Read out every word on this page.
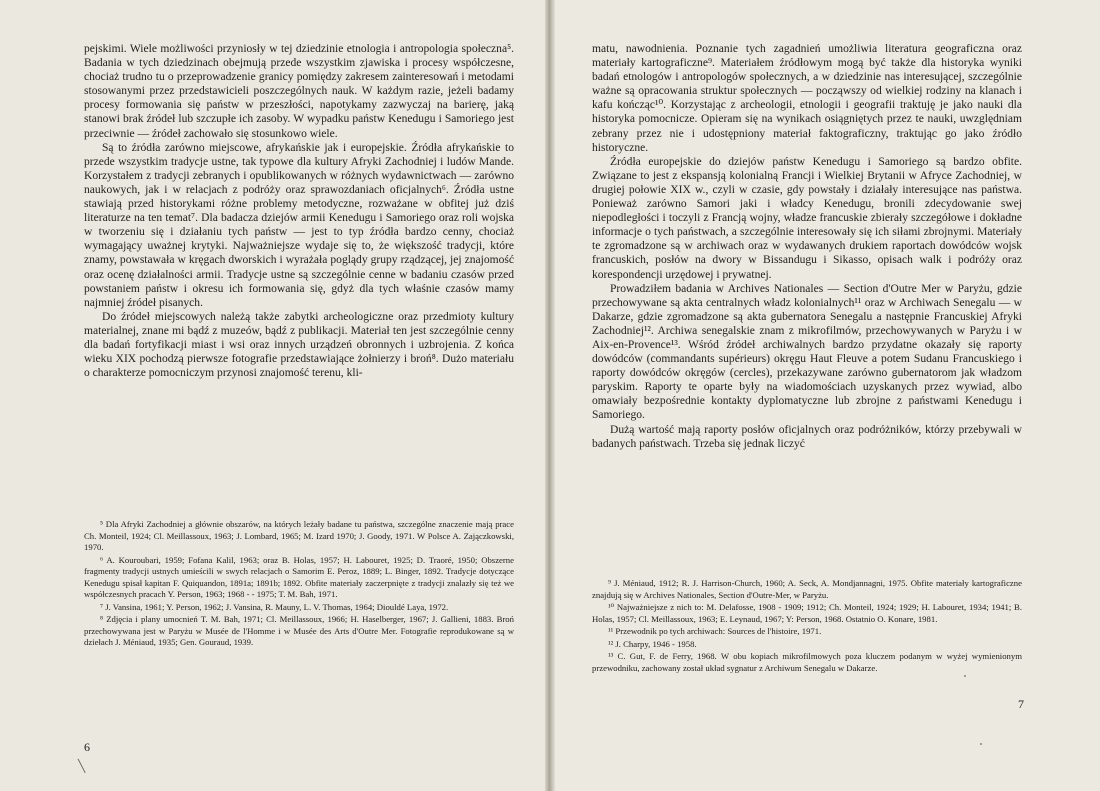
pejskimi. Wiele możliwości przyniosły w tej dziedzinie etnologia i antropologia społeczna⁵. Badania w tych dziedzinach obejmują przede wszystkim zjawiska i procesy współczesne, chociaż trudno tu o przeprowadzenie granicy pomiędzy zakresem zainteresowań i metodami stosowanymi przez przedstawicieli poszczególnych nauk. W każdym razie, jeżeli badamy procesy formowania się państw w przeszłości, napotykamy zazwyczaj na barierę, jaką stanowi brak źródeł lub szczupłe ich zasoby. W wypadku państw Kenedugu i Samoriego jest przeciwnie — źródeł zachowało się stosunkowo wiele.

Są to źródła zarówno miejscowe, afrykańskie jak i europejskie. Źródła afrykańskie to przede wszystkim tradycje ustne, tak typowe dla kultury Afryki Zachodniej i ludów Mande. Korzystałem z tradycji zebranych i opublikowanych w różnych wydawnictwach — zarówno naukowych, jak i w relacjach z podróży oraz sprawozdaniach oficjalnych⁶. Źródła ustne stawiają przed historykami różne problemy metodyczne, rozważane w obfitej już dziś literaturze na ten temat⁷. Dla badacza dziejów armii Kenedugu i Samoriego oraz roli wojska w tworzeniu się i działaniu tych państw — jest to typ źródła bardzo cenny, chociaż wymagający uważnej krytyki. Najważniejsze wydaje się to, że większość tradycji, które znamy, powstawała w kręgach dworskich i wyrażała poglądy grupy rządzącej, jej znajomość oraz ocenę działalności armii. Tradycje ustne są szczególnie cenne w badaniu czasów przed powstaniem państw i okresu ich formowania się, gdyż dla tych właśnie czasów mamy najmniej źródeł pisanych.

Do źródeł miejscowych należą także zabytki archeologiczne oraz przedmioty kultury materialnej, znane mi bądź z muzeów, bądź z publikacji. Materiał ten jest szczególnie cenny dla badań fortyfikacji miast i wsi oraz innych urządzeń obronnych i uzbrojenia. Z końca wieku XIX pochodzą pierwsze fotografie przedstawiające żołnierzy i broń⁸. Dużo materiału o charakterze pomocniczym przynosi znajomość terenu, kli-

⁵ Dla Afryki Zachodniej a głównie obszarów, na których leżały badane tu państwa, szczególne znaczenie mają prace Ch. Monteil, 1924; Cl. Meillassoux, 1963; J. Lombard, 1965; M. Izard 1970; J. Goody, 1971. W Polsce A. Zajączkowski, 1970.

⁶ A. Kouroubari, 1959; Fofana Kalil, 1963; oraz B. Holas, 1957; H. Labouret, 1925; D. Traoré, 1950; Obszerne fragmenty tradycji ustnych umieścili w swych relacjach o Samorim E. Peroz, 1889; L. Binger, 1892. Tradycje dotyczące Kenedugu spisał kapitan F. Quiquandon, 1891a; 1891b; 1892. Obfite materiały zaczerpnięte z tradycji znalazły się też we współczesnych pracach Y. Person, 1963; 1968 - - 1975; T. M. Bah, 1971.

⁷ J. Vansina, 1961; Y. Person, 1962; J. Vansina, R. Mauny, L. V. Thomas, 1964; Diouldé Laya, 1972.

⁸ Zdjęcia i plany umocnień T. M. Bah, 1971; Cl. Meillassoux, 1966; H. Haselberger, 1967; J. Gallieni, 1883. Broń przechowywana jest w Paryżu w Musée de l'Homme i w Musée des Arts d'Outre Mer. Fotografie reprodukowane są w dziełach J. Méniaud, 1935; Gen. Gouraud, 1939.

6
╲

matu, nawodnienia. Poznanie tych zagadnień umożliwia literatura geograficzna oraz materiały kartograficzne⁹. Materiałem źródłowym mogą być także dla historyka wyniki badań etnologów i antropologów społecznych, a w dziedzinie nas interesującej, szczególnie ważne są opracowania struktur społecznych — począwszy od wielkiej rodziny na klanach i kafu kończąc¹⁰. Korzystając z archeologii, etnologii i geografii traktuję je jako nauki dla historyka pomocnicze. Opieram się na wynikach osiągniętych przez te nauki, uwzględniam zebrany przez nie i udostępniony materiał faktograficzny, traktując go jako źródło historyczne.

Źródła europejskie do dziejów państw Kenedugu i Samoriego są bardzo obfite. Związane to jest z ekspansją kolonialną Francji i Wielkiej Brytanii w Afryce Zachodniej, w drugiej połowie XIX w., czyli w czasie, gdy powstały i działały interesujące nas państwa. Ponieważ zarówno Samori jaki i władcy Kenedugu, bronili zdecydowanie swej niepodległości i toczyli z Francją wojny, władze francuskie zbierały szczegółowe i dokładne informacje o tych państwach, a szczególnie interesowały się ich siłami zbrojnymi. Materiały te zgromadzone są w archiwach oraz w wydawanych drukiem raportach dowódców wojsk francuskich, posłów na dwory w Bissandugu i Sikasso, opisach walk i podróży oraz korespondencji urzędowej i prywatnej.

Prowadziłem badania w Archives Nationales — Section d'Outre Mer w Paryżu, gdzie przechowywane są akta centralnych władz kolonialnych¹¹ oraz w Archiwach Senegalu — w Dakarze, gdzie zgromadzone są akta gubernatora Senegalu a następnie Francuskiej Afryki Zachodniej¹². Archiwa senegalskie znam z mikrofilmów, przechowywanych w Paryżu i w Aix-en-Provence¹³. Wśród źródeł archiwalnych bardzo przydatne okazały się raporty dowódców (commandants supérieurs) okręgu Haut Fleuve a potem Sudanu Francuskiego i raporty dowódców okręgów (cercles), przekazywane zarówno gubernatorom jak władzom paryskim. Raporty te oparte były na wiadomościach uzyskanych przez wywiad, albo omawiały bezpośrednie kontakty dyplomatyczne lub zbrojne z państwami Kenedugu i Samoriego.

Dużą wartość mają raporty posłów oficjalnych oraz podróżników, którzy przebywali w badanych państwach. Trzeba się jednak liczyć

⁹ J. Méniaud, 1912; R. J. Harrison-Church, 1960; A. Seck, A. Mondjannagni, 1975. Obfite materiały kartograficzne znajdują się w Archives Nationales, Section d'Outre-Mer, w Paryżu.

¹⁰ Najważniejsze z nich to: M. Delafosse, 1908 - 1909; 1912; Ch. Monteil, 1924; 1929; H. Labouret, 1934; 1941; B. Holas, 1957; Cl. Meillassoux, 1963; E. Leynaud, 1967; Y: Person, 1968. Ostatnio O. Konare, 1981.

¹¹ Przewodnik po tych archiwach: Sources de l'histoire, 1971.

¹² J. Charpy, 1946 - 1958.

¹³ C. Gut, F. de Ferry, 1968. W obu kopiach mikrofilmowych poza kluczem podanym w wyżej wymienionym przewodniku, zachowany został układ sygnatur z Archiwum Senegalu w Dakarze.

7
